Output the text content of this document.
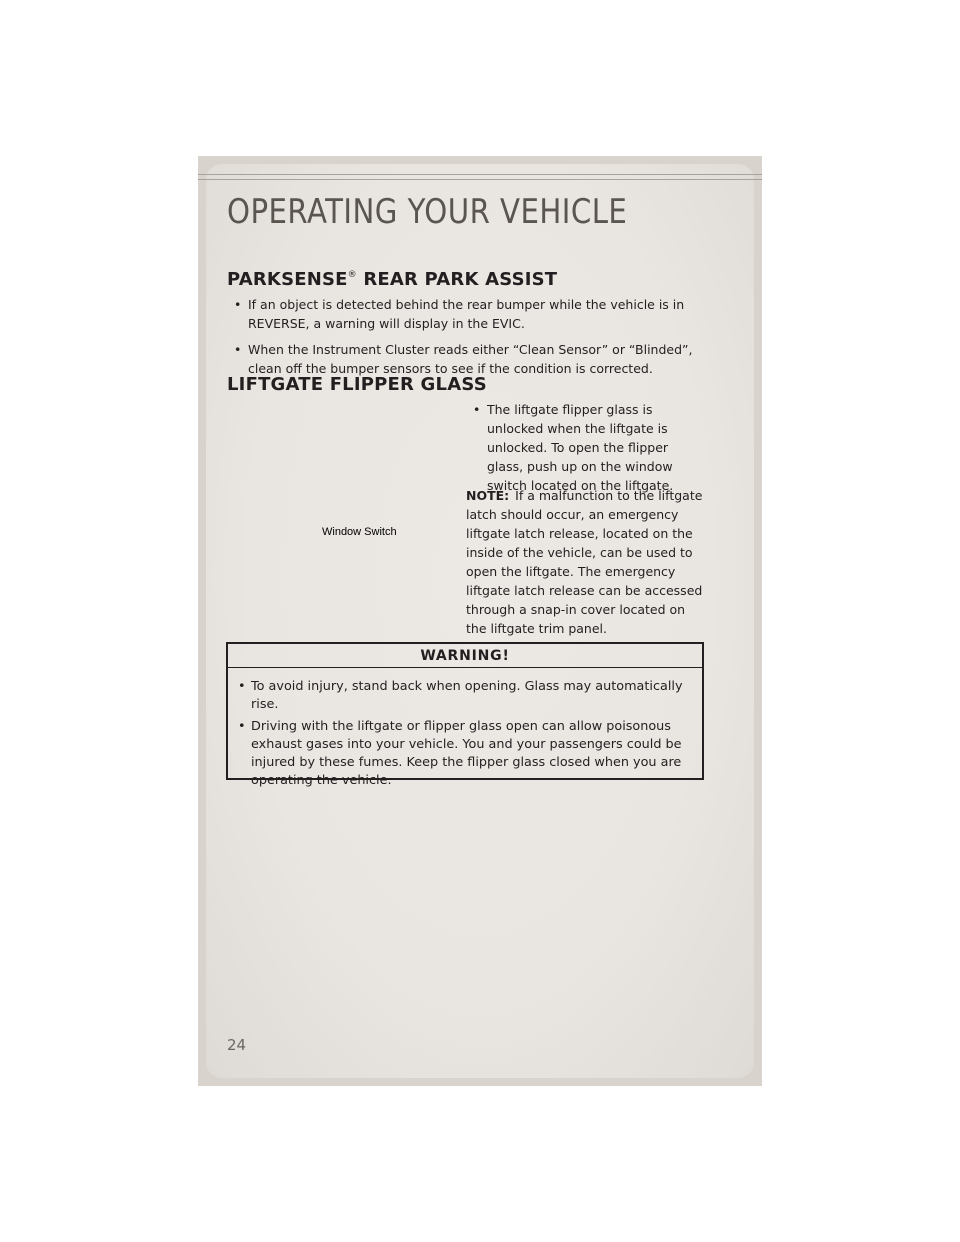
OPERATING YOUR VEHICLE
PARKSENSE® REAR PARK ASSIST
• If an object is detected behind the rear bumper while the vehicle is in REVERSE, a warning will display in the EVIC.
• When the Instrument Cluster reads either “Clean Sensor” or “Blinded”, clean off the bumper sensors to see if the condition is corrected.
LIFTGATE FLIPPER GLASS
Window Switch
• The liftgate flipper glass is unlocked when the liftgate is unlocked. To open the flipper glass, push up on the window switch located on the liftgate.

NOTE: If a malfunction to the liftgate latch should occur, an emergency liftgate latch release, located on the inside of the vehicle, can be used to open the liftgate. The emergency liftgate latch release can be accessed through a snap-in cover located on the liftgate trim panel.

WARNING!
• To avoid injury, stand back when opening. Glass may automatically rise.
• Driving with the liftgate or flipper glass open can allow poisonous exhaust gases into your vehicle. You and your passengers could be injured by these fumes. Keep the flipper glass closed when you are operating the vehicle.
24
